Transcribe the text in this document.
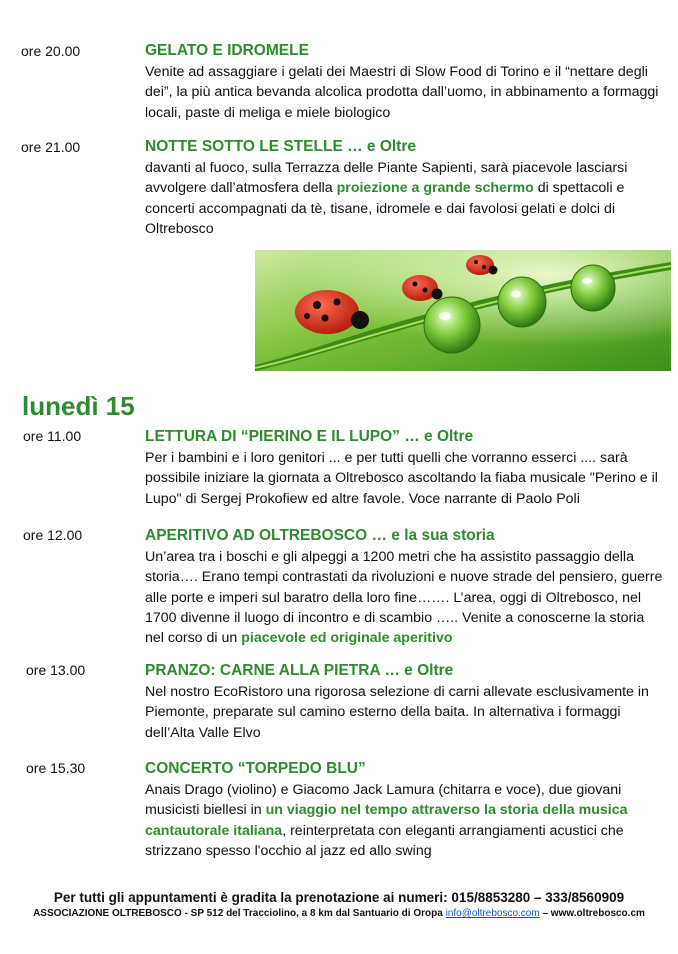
ore 20.00	GELATO E IDROMELE

Venite ad assaggiare i gelati dei Maestri di Slow Food di Torino e il “nettare degli dei”, la più antica bevanda alcolica prodotta dall’uomo, in abbinamento a formaggi locali, paste di meliga e miele biologico

ore 21.00	NOTTE SOTTO LE STELLE … e Oltre

davanti al fuoco, sulla Terrazza delle Piante Sapienti, sarà piacevole lasciarsi avvolgere dall’atmosfera della proiezione a grande schermo di spettacoli e concerti accompagnati da tè, tisane, idromele e dai favolosi gelati e dolci di Oltrebosco

lunedì 15
ore 11.00	LETTURA DI “PIERINO E IL LUPO” … e Oltre

Per i bambini e i loro genitori ... e per tutti quelli che vorranno esserci .... sarà possibile iniziare la giornata a Oltrebosco ascoltando la fiaba musicale "Perino e il Lupo" di Sergej Prokofiew ed altre favole. Voce narrante di Paolo Poli

ore 12.00	APERITIVO AD OLTREBOSCO … e la sua storia

Un’area tra i boschi e gli alpeggi a 1200 metri che ha assistito passaggio della storia…. Erano tempi contrastati da rivoluzioni e nuove strade del pensiero, guerre alle porte e imperi sul baratro della loro fine……. L’area, oggi di Oltrebosco, nel 1700 divenne il luogo di incontro e di scambio ….. Venite a conoscerne la storia nel corso di un piacevole ed originale aperitivo

ore 13.00	PRANZO: CARNE ALLA PIETRA … e Oltre

Nel nostro EcoRistoro una rigorosa selezione di carni allevate esclusivamente in Piemonte, preparate sul camino esterno della baita. In alternativa i formaggi dell’Alta Valle Elvo

ore 15.30	CONCERTO “TORPEDO BLU”

Anais Drago (violino) e Giacomo Jack Lamura (chitarra e voce), due giovani musicisti biellesi in un viaggio nel tempo attraverso la storia della musica cantautorale italiana, reinterpretata con eleganti arrangiamenti acustici che strizzano spesso l'occhio al jazz ed allo swing

Per tutti gli appuntamenti è gradita la prenotazione ai numeri: 015/8853280 – 333/8560909
ASSOCIAZIONE OLTREBOSCO - SP 512 del Tracciolino, a 8 km dal Santuario di Oropa info@oltrebosco.com – www.oltrebosco.cm
